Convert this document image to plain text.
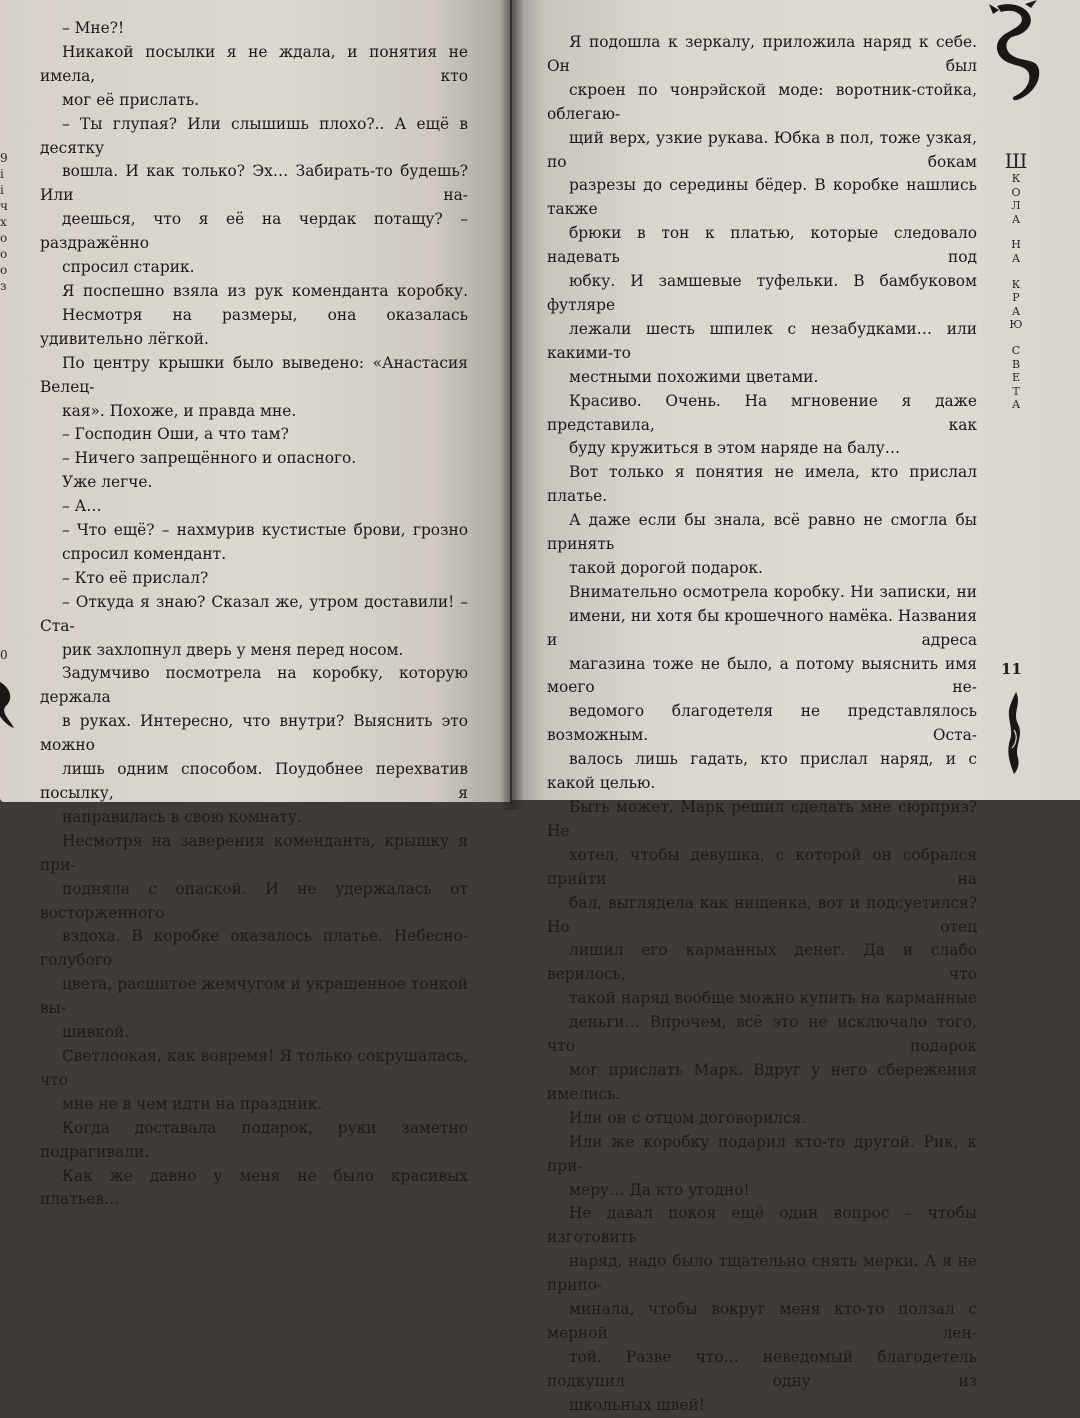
– Мне?!

Никакой посылки я не ждала, и понятия не имела, кто
мог её прислать.

– Ты глупая? Или слышишь плохо?.. А ещё в десятку
вошла. И как только? Эх… Забирать-то будешь? Или на-
деешься, что я её на чердак потащу? – раздражённо
спросил старик.

Я поспешно взяла из рук коменданта коробку.
Несмотря на размеры, она оказалась удивительно лёгкой.

По центру крышки было выведено: «Анастасия Велец-
кая». Похоже, и правда мне.

– Господин Оши, а что там?

– Ничего запрещённого и опасного.

Уже легче.

– А…

– Что ещё? – нахмурив кустистые брови, грозно
спросил комендант.

– Кто её прислал?

– Откуда я знаю? Сказал же, утром доставили! – Ста-
рик захлопнул дверь у меня перед носом.

Задумчиво посмотрела на коробку, которую держала
в руках. Интересно, что внутри? Выяснить это можно
лишь одним способом. Поудобнее перехватив посылку, я
направилась в свою комнату.

Несмотря на заверения коменданта, крышку я при-
подняла с опаской. И не удержалась от восторженного
вздоха. В коробке оказалось платье. Небесно-голубого
цвета, расшитое жемчугом и украшенное тонкой вы-
шивкой.

Светлоокая, как вовремя! Я только сокрушалась, что
мне не в чем идти на праздник.

Когда доставала подарок, руки заметно подрагивали.
Как же давно у меня не было красивых платьев…

Я подошла к зеркалу, приложила наряд к себе. Он был
скроен по чонрэйской моде: воротник-стойка, облегаю-
щий верх, узкие рукава. Юбка в пол, тоже узкая, по бокам
разрезы до середины бёдер. В коробке нашлись также
брюки в тон к платью, которые следовало надевать под
юбку. И замшевые туфельки. В бамбуковом футляре
лежали шесть шпилек с незабудками… или какими-то
местными похожими цветами.

Красиво. Очень. На мгновение я даже представила, как
буду кружиться в этом наряде на балу…

Вот только я понятия не имела, кто прислал платье.
А даже если бы знала, всё равно не смогла бы принять
такой дорогой подарок.

Внимательно осмотрела коробку. Ни записки, ни
имени, ни хотя бы крошечного намёка. Названия и адреса
магазина тоже не было, а потому выяснить имя моего не-
ведомого благодетеля не представлялось возможным. Оста-
валось лишь гадать, кто прислал наряд, и с какой целью.

Быть может, Марк решил сделать мне сюрприз? Не
хотел, чтобы девушка, с которой он собрался прийти на
бал, выглядела как нищенка, вот и подсуетился? Но отец
лишил его карманных денег. Да и слабо верилось, что
такой наряд вообще можно купить на карманные
деньги… Впрочем, всё это не исключало того, что подарок
мог прислать Марк. Вдруг у него сбережения имелись.
Или он с отцом договорился.

Или же коробку подарил кто-то другой. Рик, к при-
меру… Да кто угодно!

Не давал покоя ещё один вопрос – чтобы изготовить
наряд, надо было тщательно снять мерки. А я не припо-
минала, чтобы вокруг меня кто-то ползал с мерной лен-
той. Разве что… неведомый благодетель подкупил одну из
школьных швей!

9
і
і
ч
х
о
о
о
з
0
Ш
К
О
Л
А
Н
А
К
Р
А
Ю
С
В
Е
Т
А
11
